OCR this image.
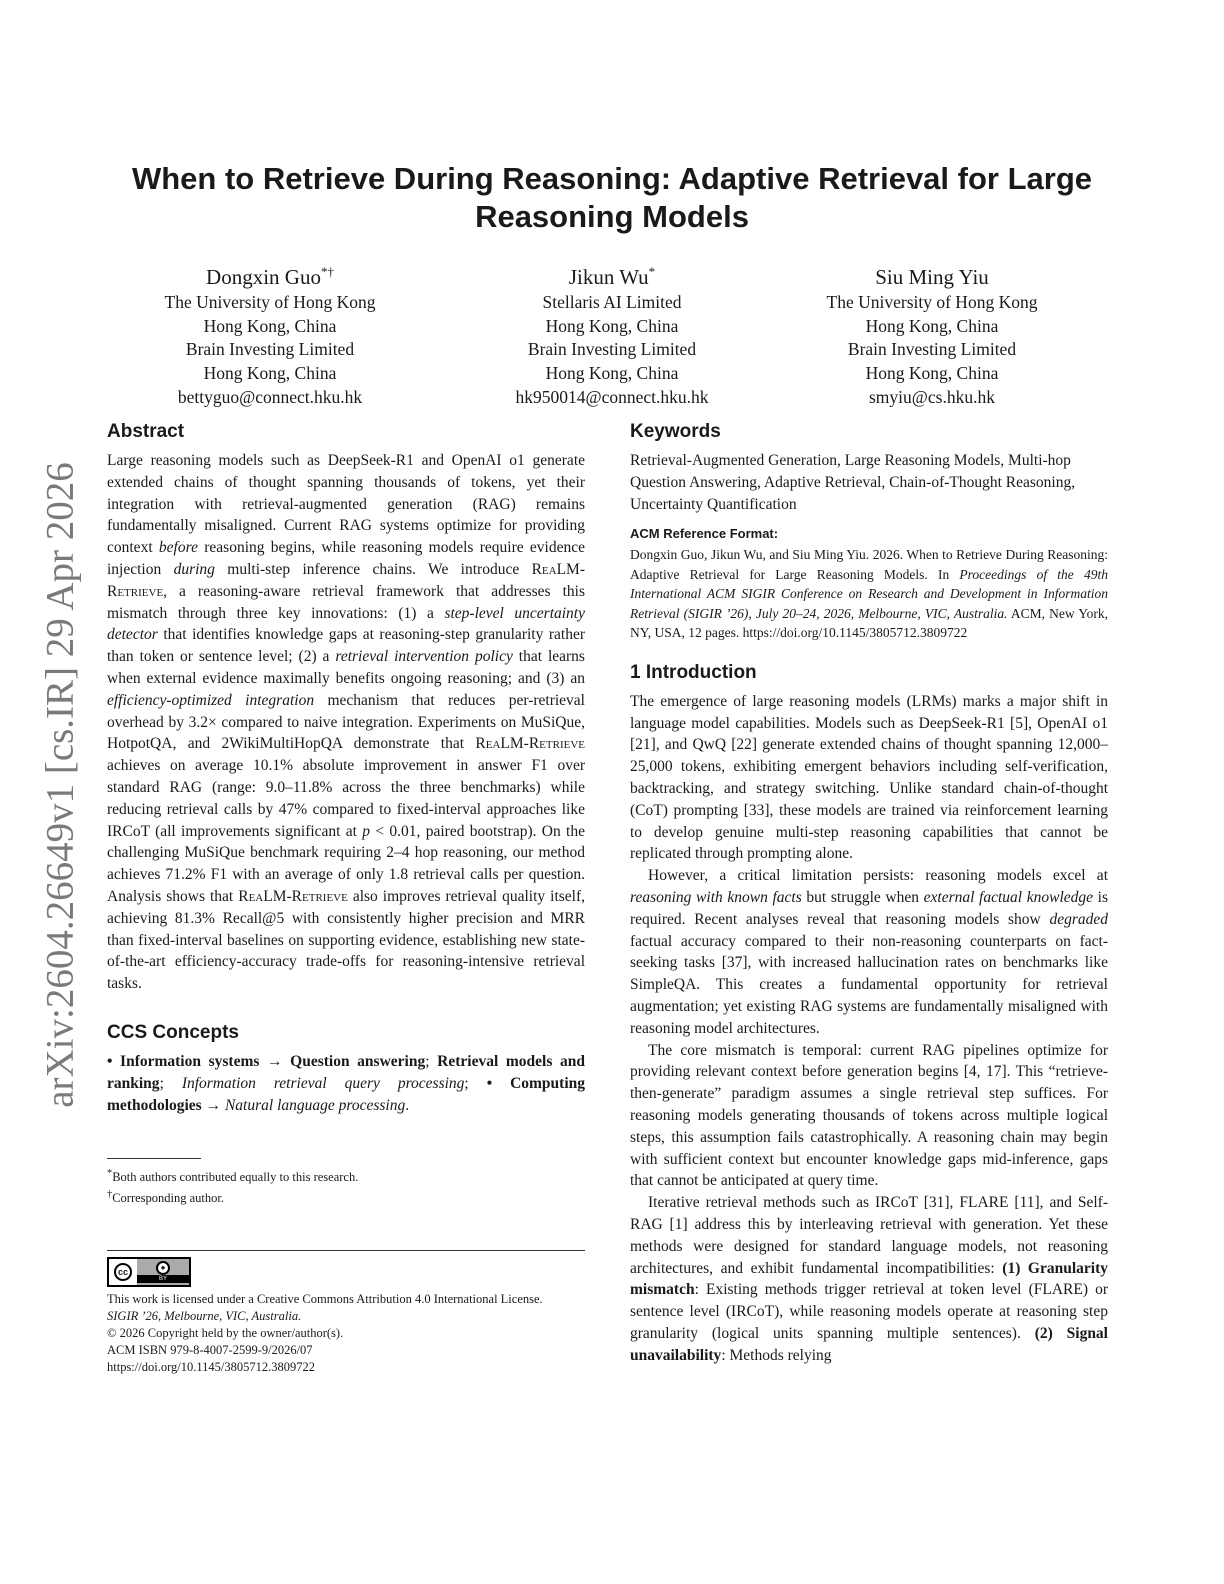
When to Retrieve During Reasoning: Adaptive Retrieval for Large Reasoning Models
arXiv:2604.26649v1 [cs.IR] 29 Apr 2026
Dongxin Guo*†
The University of Hong Kong
Hong Kong, China
Brain Investing Limited
Hong Kong, China
bettyguo@connect.hku.hk
Jikun Wu*
Stellaris AI Limited
Hong Kong, China
Brain Investing Limited
Hong Kong, China
hk950014@connect.hku.hk
Siu Ming Yiu
The University of Hong Kong
Hong Kong, China
Brain Investing Limited
Hong Kong, China
smyiu@cs.hku.hk
Abstract

Large reasoning models such as DeepSeek-R1 and OpenAI o1 generate extended chains of thought spanning thousands of tokens, yet their integration with retrieval-augmented generation (RAG) remains fundamentally misaligned. Current RAG systems optimize for providing context before reasoning begins, while reasoning models require evidence injection during multi-step inference chains. We introduce ReaLM-Retrieve, a reasoning-aware retrieval framework that addresses this mismatch through three key innovations: (1) a step-level uncertainty detector that identifies knowledge gaps at reasoning-step granularity rather than token or sentence level; (2) a retrieval intervention policy that learns when external evidence maximally benefits ongoing reasoning; and (3) an efficiency-optimized integration mechanism that reduces per-retrieval overhead by 3.2× compared to naive integration. Experiments on MuSiQue, HotpotQA, and 2WikiMultiHopQA demonstrate that ReaLM-Retrieve achieves on average 10.1% absolute improvement in answer F1 over standard RAG (range: 9.0–11.8% across the three benchmarks) while reducing retrieval calls by 47% compared to fixed-interval approaches like IRCoT (all improvements significant at p < 0.01, paired bootstrap). On the challenging MuSiQue benchmark requiring 2–4 hop reasoning, our method achieves 71.2% F1 with an average of only 1.8 retrieval calls per question. Analysis shows that ReaLM-Retrieve also improves retrieval quality itself, achieving 81.3% Recall@5 with consistently higher precision and MRR than fixed-interval baselines on supporting evidence, establishing new state-of-the-art efficiency-accuracy trade-offs for reasoning-intensive retrieval tasks.

CCS Concepts

• Information systems → Question answering; Retrieval models and ranking; Information retrieval query processing; • Computing methodologies → Natural language processing.

*Both authors contributed equally to this research.

†Corresponding author.

cc	●
BY

This work is licensed under a Creative Commons Attribution 4.0 International License.

SIGIR ’26, Melbourne, VIC, Australia.

© 2026 Copyright held by the owner/author(s).

ACM ISBN 979-8-4007-2599-9/2026/07

https://doi.org/10.1145/3805712.3809722

Keywords

Retrieval-Augmented Generation, Large Reasoning Models, Multi-hop Question Answering, Adaptive Retrieval, Chain-of-Thought Reasoning, Uncertainty Quantification

ACM Reference Format:

Dongxin Guo, Jikun Wu, and Siu Ming Yiu. 2026. When to Retrieve During Reasoning: Adaptive Retrieval for Large Reasoning Models. In Proceedings of the 49th International ACM SIGIR Conference on Research and Development in Information Retrieval (SIGIR ’26), July 20–24, 2026, Melbourne, VIC, Australia. ACM, New York, NY, USA, 12 pages. https://doi.org/10.1145/3805712.3809722

1 Introduction

The emergence of large reasoning models (LRMs) marks a major shift in language model capabilities. Models such as DeepSeek-R1 [5], OpenAI o1 [21], and QwQ [22] generate extended chains of thought spanning 12,000–25,000 tokens, exhibiting emergent behaviors including self-verification, backtracking, and strategy switching. Unlike standard chain-of-thought (CoT) prompting [33], these models are trained via reinforcement learning to develop genuine multi-step reasoning capabilities that cannot be replicated through prompting alone.

However, a critical limitation persists: reasoning models excel at reasoning with known facts but struggle when external factual knowledge is required. Recent analyses reveal that reasoning models show degraded factual accuracy compared to their non-reasoning counterparts on fact-seeking tasks [37], with increased hallucination rates on benchmarks like SimpleQA. This creates a fundamental opportunity for retrieval augmentation; yet existing RAG systems are fundamentally misaligned with reasoning model architectures.

The core mismatch is temporal: current RAG pipelines optimize for providing relevant context before generation begins [4, 17]. This “retrieve-then-generate” paradigm assumes a single retrieval step suffices. For reasoning models generating thousands of tokens across multiple logical steps, this assumption fails catastrophically. A reasoning chain may begin with sufficient context but encounter knowledge gaps mid-inference, gaps that cannot be anticipated at query time.

Iterative retrieval methods such as IRCoT [31], FLARE [11], and Self-RAG [1] address this by interleaving retrieval with generation. Yet these methods were designed for standard language models, not reasoning architectures, and exhibit fundamental incompatibilities: (1) Granularity mismatch: Existing methods trigger retrieval at token level (FLARE) or sentence level (IRCoT), while reasoning models operate at reasoning step granularity (logical units spanning multiple sentences). (2) Signal unavailability: Methods relying
